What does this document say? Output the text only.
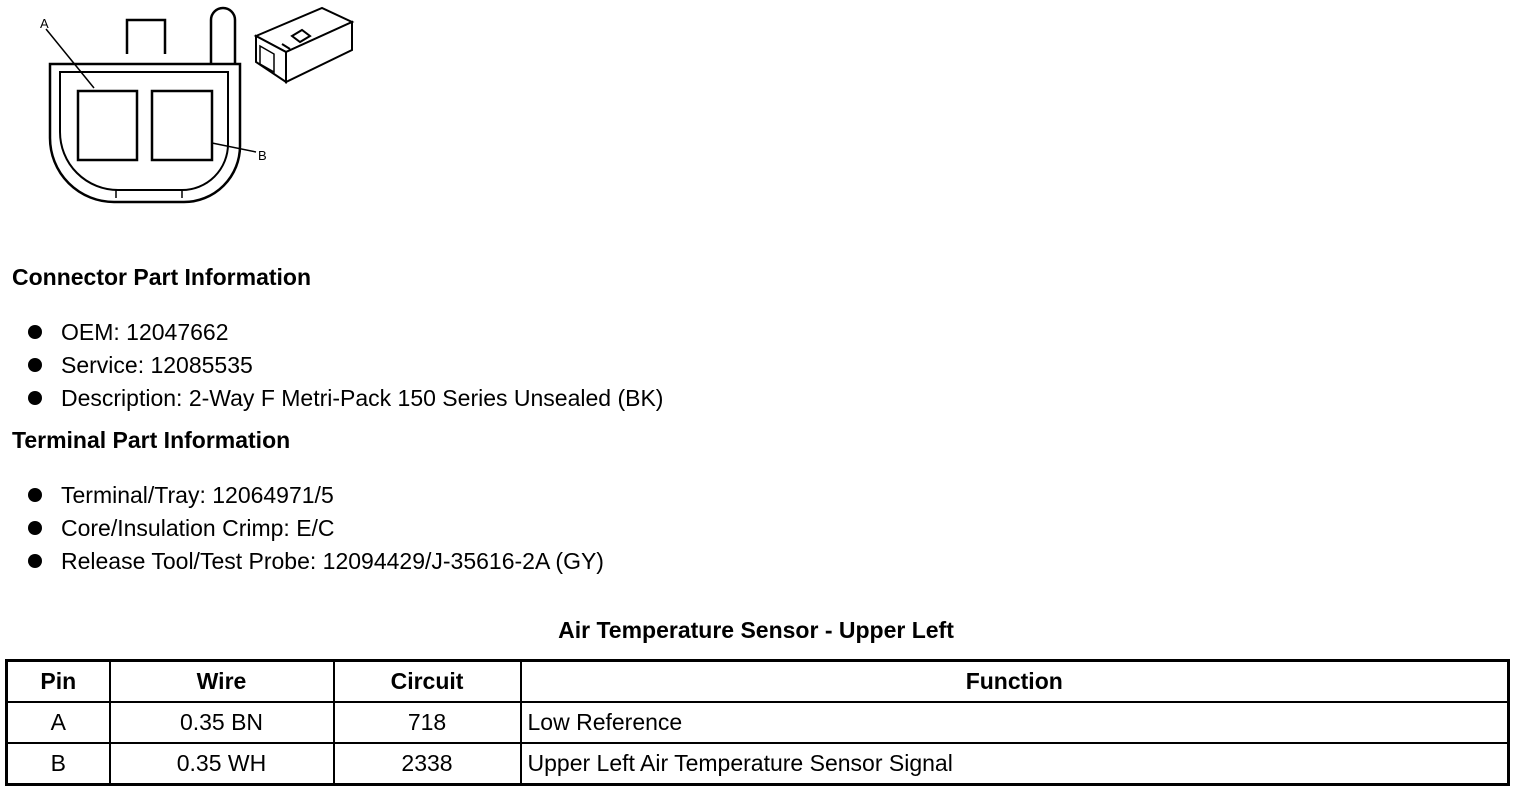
A
B
Connector Part Information
OEM: 12047662
Service: 12085535
Description: 2-Way F Metri-Pack 150 Series Unsealed (BK)
Terminal Part Information
Terminal/Tray: 12064971/5
Core/Insulation Crimp: E/C
Release Tool/Test Probe: 12094429/J-35616-2A (GY)
Air Temperature Sensor - Upper Left
Pin	Wire	Circuit	Function
A	0.35 BN	718	Low Reference
B	0.35 WH	2338	Upper Left Air Temperature Sensor Signal
